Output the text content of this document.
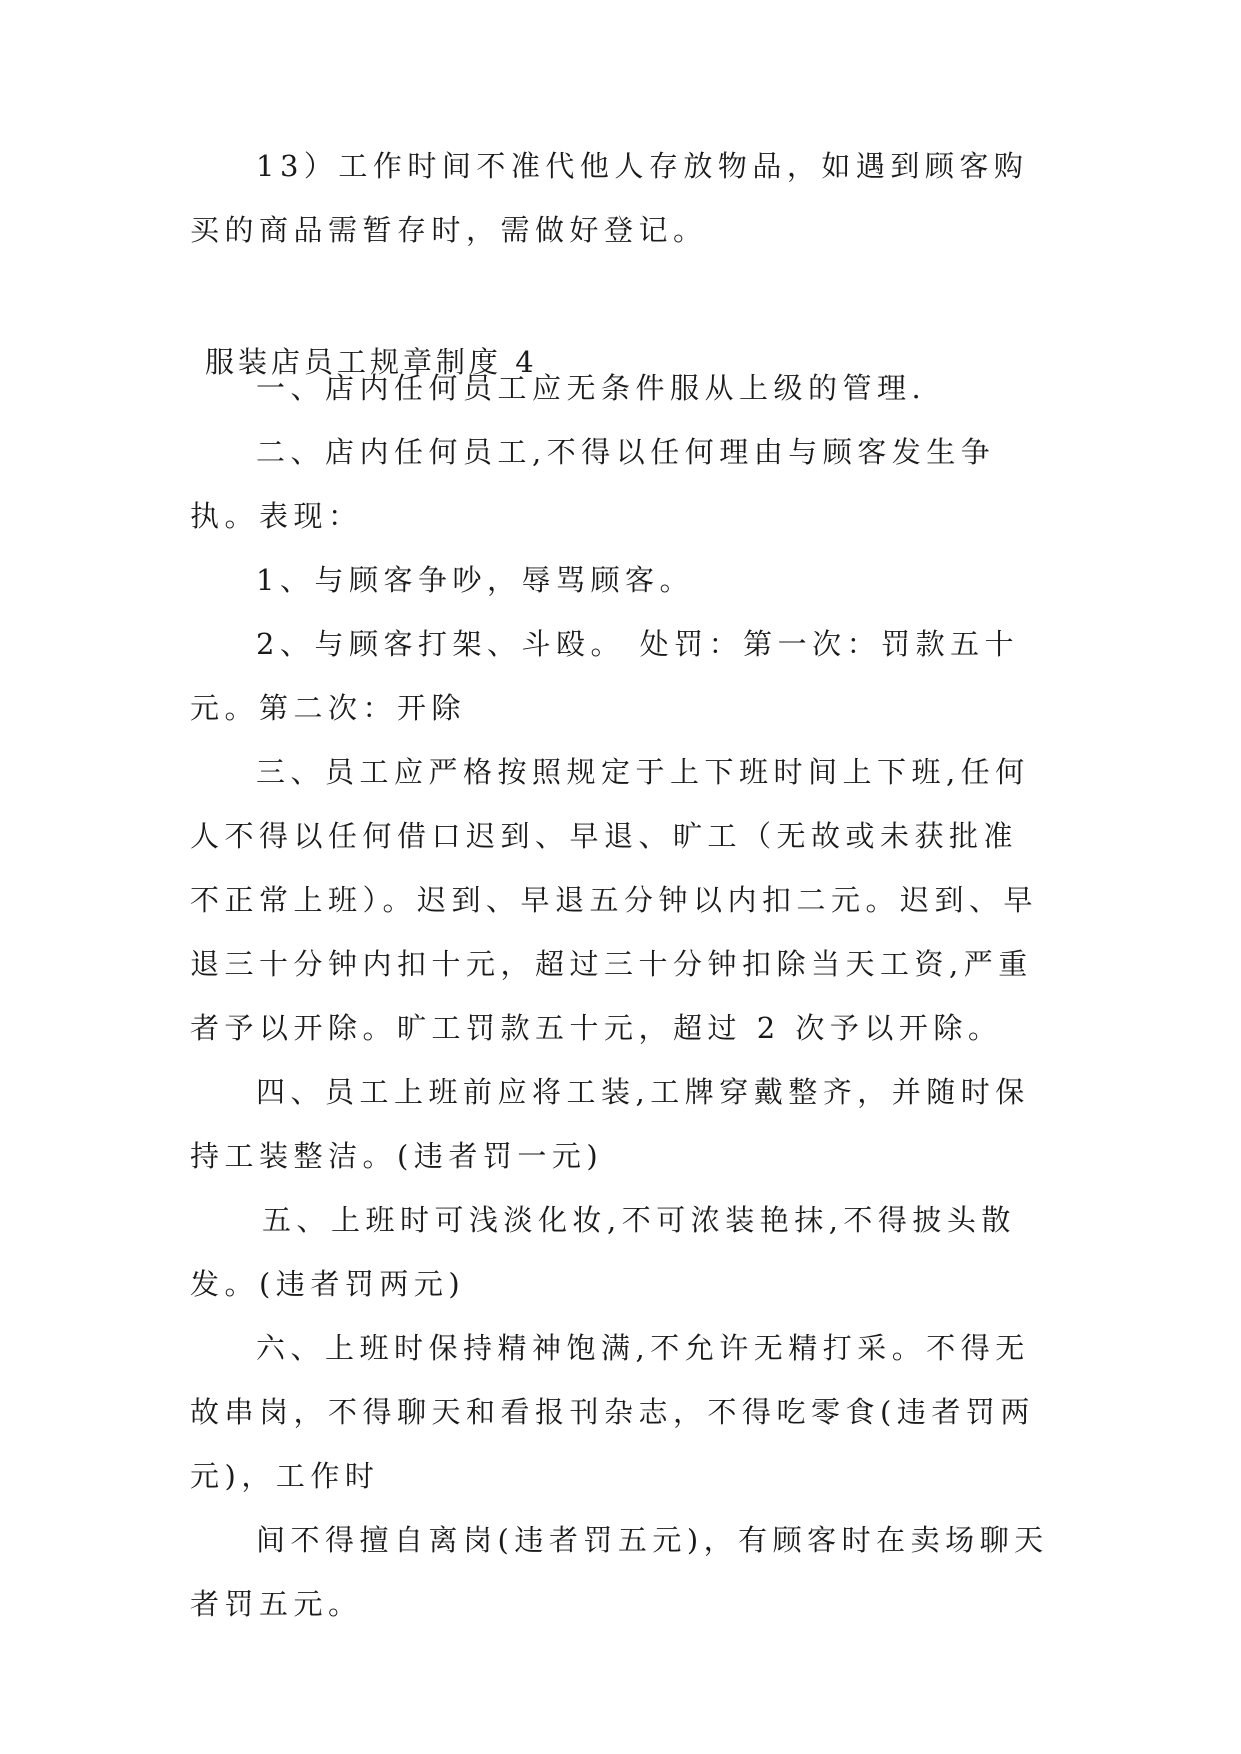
13）工作时间不准代他人存放物品，如遇到顾客购买的商品需暂存时，需做好登记。

服装店员工规章制度 4

一、店内任何员工应无条件服从上级的管理.

二、店内任何员工,不得以任何理由与顾客发生争执。表现：

1、与顾客争吵，辱骂顾客。

2、与顾客打架、斗殴。 处罚：第一次：罚款五十元。第二次：开除

三、员工应严格按照规定于上下班时间上下班,任何人不得以任何借口迟到、早退、旷工（无故或未获批准不正常上班）。迟到、早退五分钟以内扣二元。迟到、早退三十分钟内扣十元，超过三十分钟扣除当天工资,严重者予以开除。旷工罚款五十元，超过 2 次予以开除。

四、员工上班前应将工装,工牌穿戴整齐，并随时保持工装整洁。(违者罚一元)

五、上班时可浅淡化妆,不可浓装艳抹,不得披头散发。(违者罚两元)

六、上班时保持精神饱满,不允许无精打采。不得无故串岗，不得聊天和看报刊杂志，不得吃零食(违者罚两元)，工作时

间不得擅自离岗(违者罚五元)，有顾客时在卖场聊天者罚五元。
